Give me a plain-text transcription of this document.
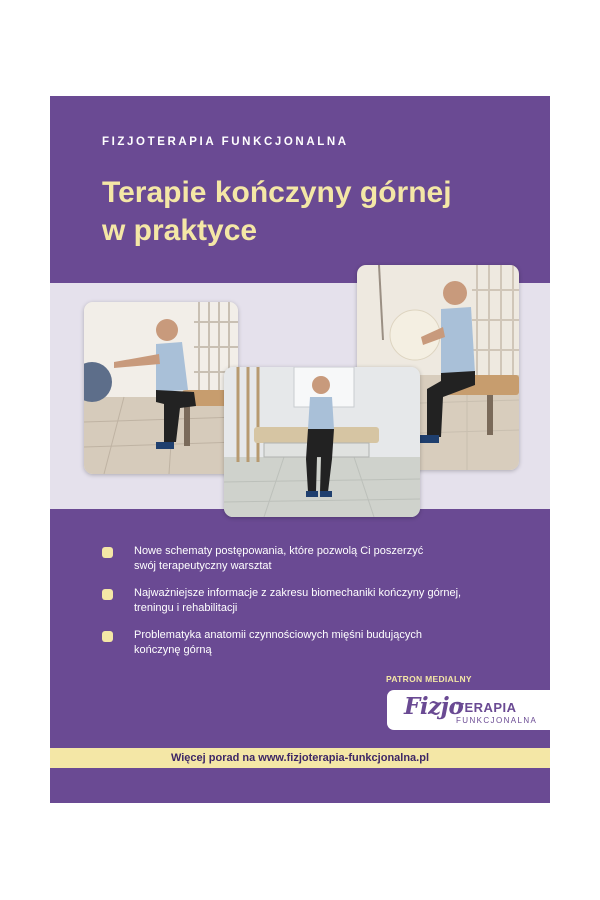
FIZJOTERAPIA FUNKCJONALNA

Terapie kończyny górnej
w praktyce
Nowe schematy postępowania, które pozwolą Ci poszerzyć
swój terapeutyczny warsztat
Najważniejsze informacje z zakresu biomechaniki kończyny górnej,
treningu i rehabilitacji
Problematyka anatomii czynnościowych mięśni budujących
kończynę górną
PATRON MEDIALNY
Fizjo
TERAPIA
FUNKCJONALNA
Więcej porad na www.fizjoterapia-funkcjonalna.pl
